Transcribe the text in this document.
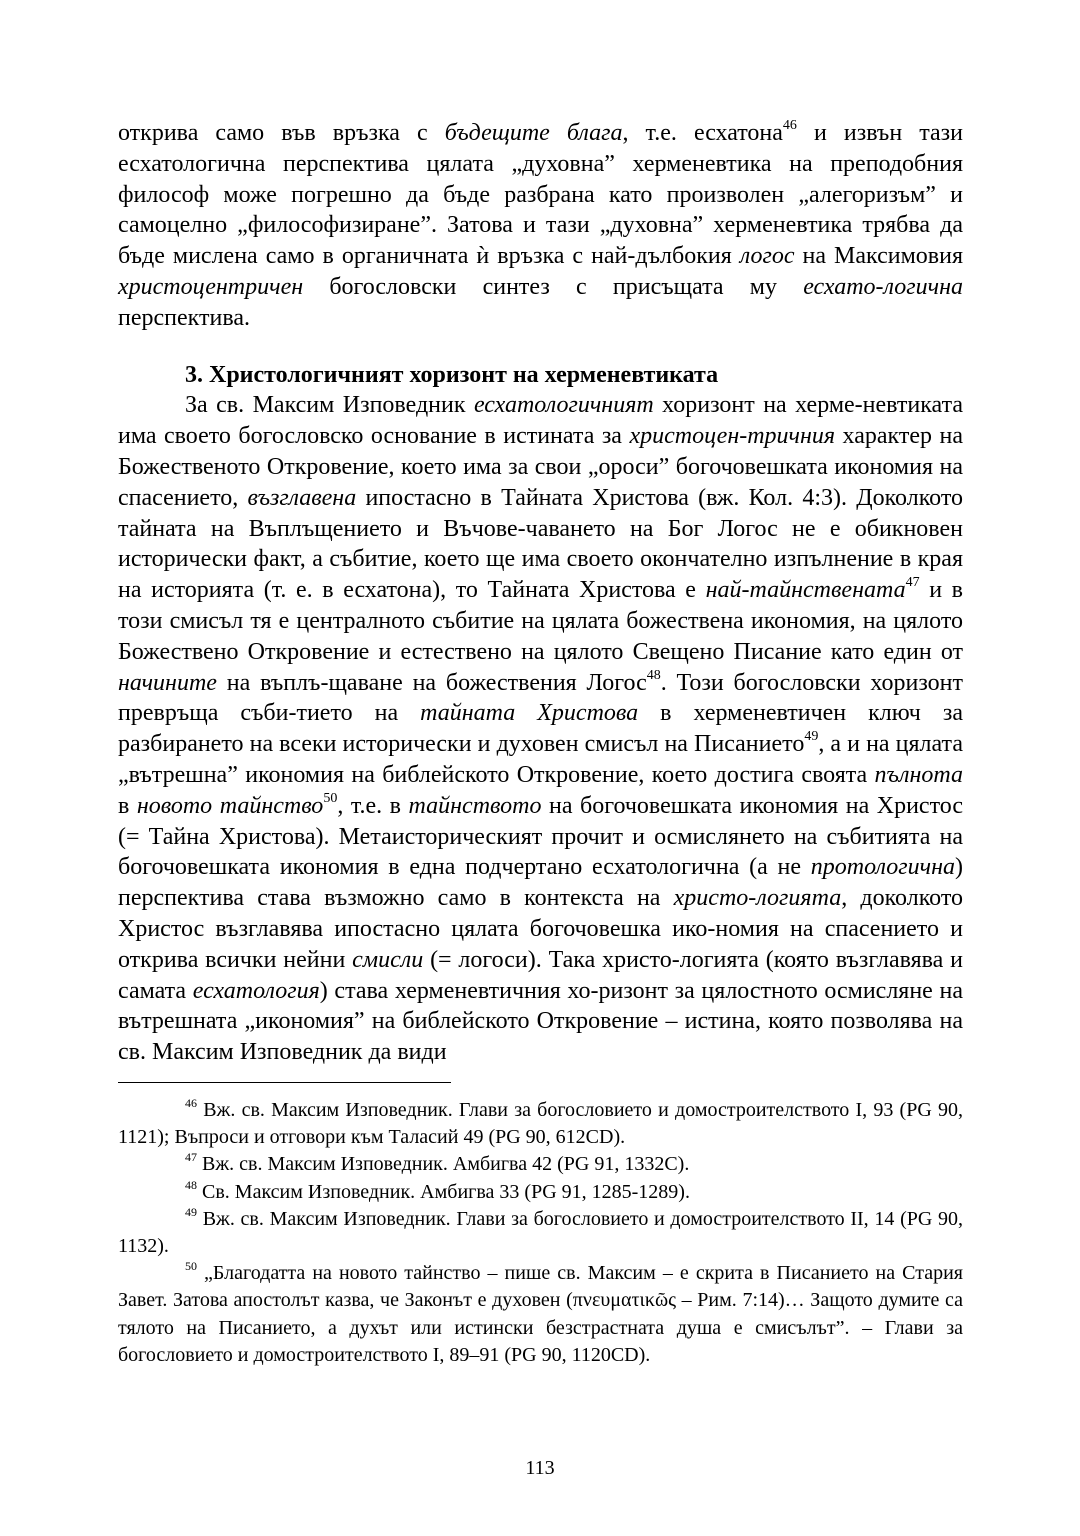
открива само във връзка с бъдещите блага, т.е. есхатона$^{46}$ и извън тази есхатологична перспектива цялата „духовна” херменевтика на преподобния философ може погрешно да бъде разбрана като произволен „алегоризъм” и самоцелно „философизиране”. Затова и тази „духовна” херменевтика трябва да бъде мислена само в органичната ѝ връзка с най-дълбокия логос на Максимовия христоцентричен богословски синтез с присъщата му есхато-логична перспектива.

3. Христологичният хоризонт на херменевтиката

За св. Максим Изповедник есхатологичният хоризонт на херме-невтиката има своето богословско основание в истината за христоцен-тричния характер на Божественото Откровение, което има за свои „ороси” богочовешката икономия на спасението, възглавена ипостасно в Тайната Христова (вж. Кол. 4:3). Доколкото тайната на Въплъщението и Въчове-чаването на Бог Логос не е обикновен исторически факт, а събитие, което ще има своето окончателно изпълнение в края на историята (т. е. в есхатона), то Тайната Христова е най-тайнствената$^{47}$ и в този смисъл тя е централното събитие на цялата божествена икономия, на цялото Божествено Откровение и естествено на цялото Свещено Писание като един от начините на въплъ-щаване на божествения Логос$^{48}$. Този богословски хоризонт превръща съби-тието на тайната Христова в херменевтичен ключ за разбирането на всеки исторически и духовен смисъл на Писанието$^{49}$, а и на цялата „вътрешна” икономия на библейското Откровение, което достига своята пълнота в новото тайнство$^{50}$, т.е. в тайнството на богочовешката икономия на Христос (= Тайна Христова). Метаисторическият прочит и осмислянето на събитията на богочовешката икономия в една подчертано есхатологична (а не протологична) перспектива става възможно само в контекста на христо-логията, доколкото Христос възглавява ипостасно цялата богочовешка ико-номия на спасението и открива всички нейни смисли (= логоси). Така христо-логията (която възглавява и самата есхатология) става херменевтичния хо-ризонт за цялостното осмисляне на вътрешната „икономия” на библейското Откровение – истина, която позволява на св. Максим Изповедник да види

$^{46}$ Вж. св. Максим Изповедник. Глави за богословието и домостроителството I, 93 (PG 90, 1121); Въпроси и отговори към Таласий 49 (PG 90, 612CD).

$^{47}$ Вж. св. Максим Изповедник. Амбигва 42 (PG 91, 1332C).

$^{48}$ Св. Максим Изповедник. Амбигва 33 (PG 91, 1285-1289).

$^{49}$ Вж. св. Максим Изповедник. Глави за богословието и домостроителството II, 14 (PG 90, 1132).

$^{50}$ „Благодатта на новото тайнство – пише св. Максим – е скрита в Писанието на Стария Завет. Затова апостолът казва, че Законът е духовен (πνευματικῶς – Рим. 7:14)… Защото думите са тялото на Писанието, а духът или истински безстрастната душа е смисълът”. – Глави за богословието и домостроителството I, 89–91 (PG 90, 1120CD).

113
